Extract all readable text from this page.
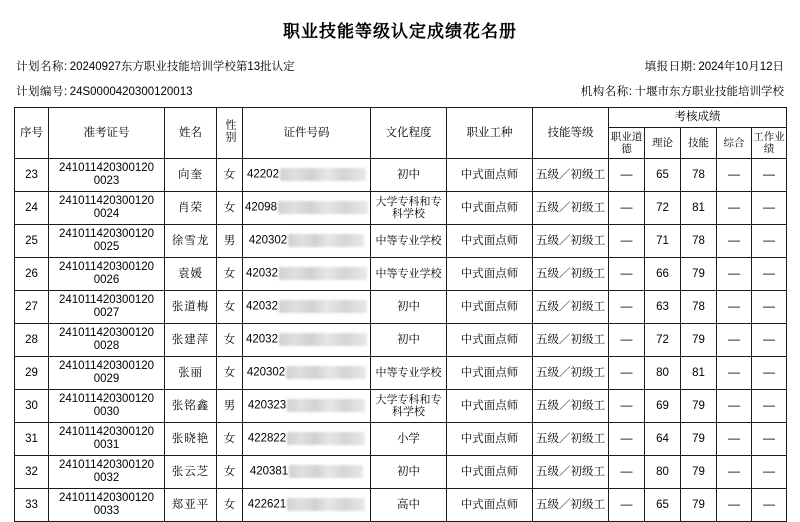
职业技能等级认定成绩花名册
计划名称: 20240927东方职业技能培训学校第13批认定	填报日期: 2024年10月12日
计划编号: 24S0000420300120013	机构名称: 十堰市东方职业技能培训学校
序号	准考证号	姓名	性别	证件号码	文化程度	职业工种	技能等级	考核成绩				

								职业道德	理论	技能	综合	工作业绩

23	241011420300120 0023	向奎	女	42202	初中	中式面点师	五级／初级工	—	65	78	—	—
24	241011420300120 0024	肖荣	女	42098	大学专科和专科学校	中式面点师	五级／初级工	—	72	81	—	—
25	241011420300120 0025	徐雪龙	男	420302	中等专业学校	中式面点师	五级／初级工	—	71	78	—	—
26	241011420300120 0026	袁媛	女	42032	中等专业学校	中式面点师	五级／初级工	—	66	79	—	—
27	241011420300120 0027	张道梅	女	42032	初中	中式面点师	五级／初级工	—	63	78	—	—
28	241011420300120 0028	张建萍	女	42032	初中	中式面点师	五级／初级工	—	72	79	—	—
29	241011420300120 0029	张丽	女	420302	中等专业学校	中式面点师	五级／初级工	—	80	81	—	—
30	241011420300120 0030	张铭鑫	男	420323	大学专科和专科学校	中式面点师	五级／初级工	—	69	79	—	—
31	241011420300120 0031	张晓艳	女	422822	小学	中式面点师	五级／初级工	—	64	79	—	—
32	241011420300120 0032	张云芝	女	420381	初中	中式面点师	五级／初级工	—	80	79	—	—
33	241011420300120 0033	郑亚平	女	422621	高中	中式面点师	五级／初级工	—	65	79	—	—
